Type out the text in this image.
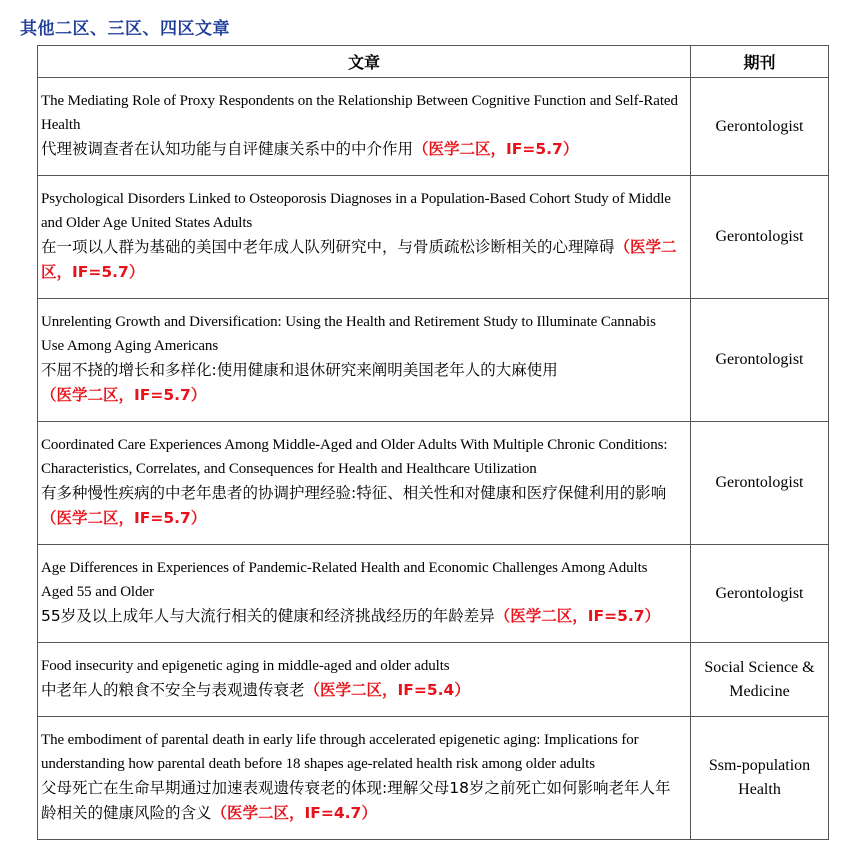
其他二区、三区、四区文章
文章	期刊
The Mediating Role of Proxy Respondents on the Relationship Between Cognitive Function and Self-Rated Health
代理被调查者在认知功能与自评健康关系中的中介作用（医学二区，IF=5.7）	Gerontologist
Psychological Disorders Linked to Osteoporosis Diagnoses in a Population-Based Cohort Study of Middle and Older Age United States Adults
在一项以人群为基础的美国中老年成人队列研究中，与骨质疏松诊断相关的心理障碍（医学二区，IF=5.7）	Gerontologist
Unrelenting Growth and Diversification: Using the Health and Retirement Study to Illuminate Cannabis Use Among Aging Americans
不屈不挠的增长和多样化:使用健康和退休研究来阐明美国老年人的大麻使用
（医学二区，IF=5.7）	Gerontologist
Coordinated Care Experiences Among Middle-Aged and Older Adults With Multiple Chronic Conditions: Characteristics, Correlates, and Consequences for Health and Healthcare Utilization
有多种慢性疾病的中老年患者的协调护理经验:特征、相关性和对健康和医疗保健利用的影响（医学二区，IF=5.7）	Gerontologist
Age Differences in Experiences of Pandemic-Related Health and Economic Challenges Among Adults Aged 55 and Older
55岁及以上成年人与大流行相关的健康和经济挑战经历的年龄差异（医学二区，IF=5.7）	Gerontologist
Food insecurity and epigenetic aging in middle-aged and older adults
中老年人的粮食不安全与表观遗传衰老（医学二区，IF=5.4）	Social Science & Medicine
The embodiment of parental death in early life through accelerated epigenetic aging: Implications for understanding how parental death before 18 shapes age-related health risk among older adults
父母死亡在生命早期通过加速表观遗传衰老的体现:理解父母18岁之前死亡如何影响老年人年龄相关的健康风险的含义（医学二区，IF=4.7）	Ssm-population Health
